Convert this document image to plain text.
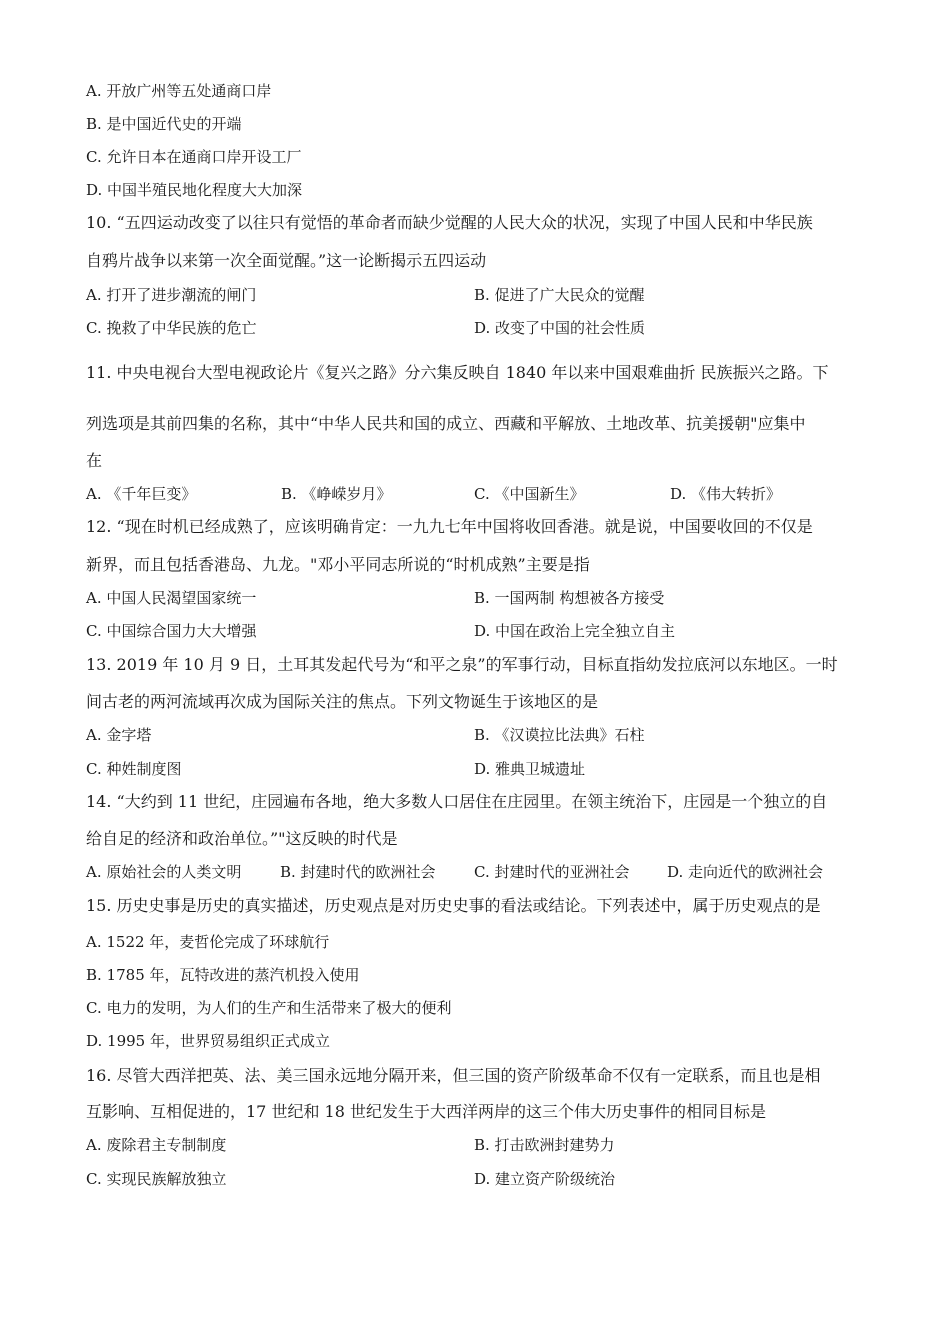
A. 开放广州等五处通商口岸
B. 是中国近代史的开端
C. 允许日本在通商口岸开设工厂
D. 中国半殖民地化程度大大加深
10. “五四运动改变了以往只有觉悟的革命者而缺少觉醒的人民大众的状况，实现了中国人民和中华民族
自鸦片战争以来第一次全面觉醒。”这一论断揭示五四运动
A. 打开了进步潮流的闸门	B. 促进了广大民众的觉醒
C. 挽救了中华民族的危亡	D. 改变了中国的社会性质
11. 中央电视台大型电视政论片《复兴之路》分六集反映自 1840 年以来中国艰难曲折 民族振兴之路。下
列选项是其前四集的名称，其中“中华人民共和国的成立、西藏和平解放、土地改革、抗美援朝"应集中
在
A. 《千年巨变》	B. 《峥嵘岁月》	C. 《中国新生》	D. 《伟大转折》
12. “现在时机已经成熟了，应该明确肯定：一九九七年中国将收回香港。就是说，中国要收回的不仅是
新界，而且包括香港岛、九龙。"邓小平同志所说的“时机成熟”主要是指
A. 中国人民渴望国家统一	B. 一国两制 构想被各方接受
C. 中国综合国力大大增强	D. 中国在政治上完全独立自主
13. 2019 年 10 月 9 日，土耳其发起代号为“和平之泉”的军事行动，目标直指幼发拉底河以东地区。一时
间古老的两河流域再次成为国际关注的焦点。下列文物诞生于该地区的是
A. 金字塔	B. 《汉谟拉比法典》石柱
C. 种姓制度图	D. 雅典卫城遗址
14. “大约到 11 世纪，庄园遍布各地，绝大多数人口居住在庄园里。在领主统治下，庄园是一个独立的自
给自足的经济和政治单位。”"这反映的时代是
A. 原始社会的人类文明	B. 封建时代的欧洲社会	C. 封建时代的亚洲社会	D. 走向近代的欧洲社会
15. 历史史事是历史的真实描述，历史观点是对历史史事的看法或结论。下列表述中，属于历史观点的是
A. 1522 年，麦哲伦完成了环球航行
B. 1785 年，瓦特改进的蒸汽机投入使用
C. 电力的发明，为人们的生产和生活带来了极大的便利
D. 1995 年，世界贸易组织正式成立
16. 尽管大西洋把英、法、美三国永远地分隔开来，但三国的资产阶级革命不仅有一定联系，而且也是相
互影响、互相促进的，17 世纪和 18 世纪发生于大西洋两岸的这三个伟大历史事件的相同目标是
A. 废除君主专制制度	B. 打击欧洲封建势力
C. 实现民族解放独立	D. 建立资产阶级统治
